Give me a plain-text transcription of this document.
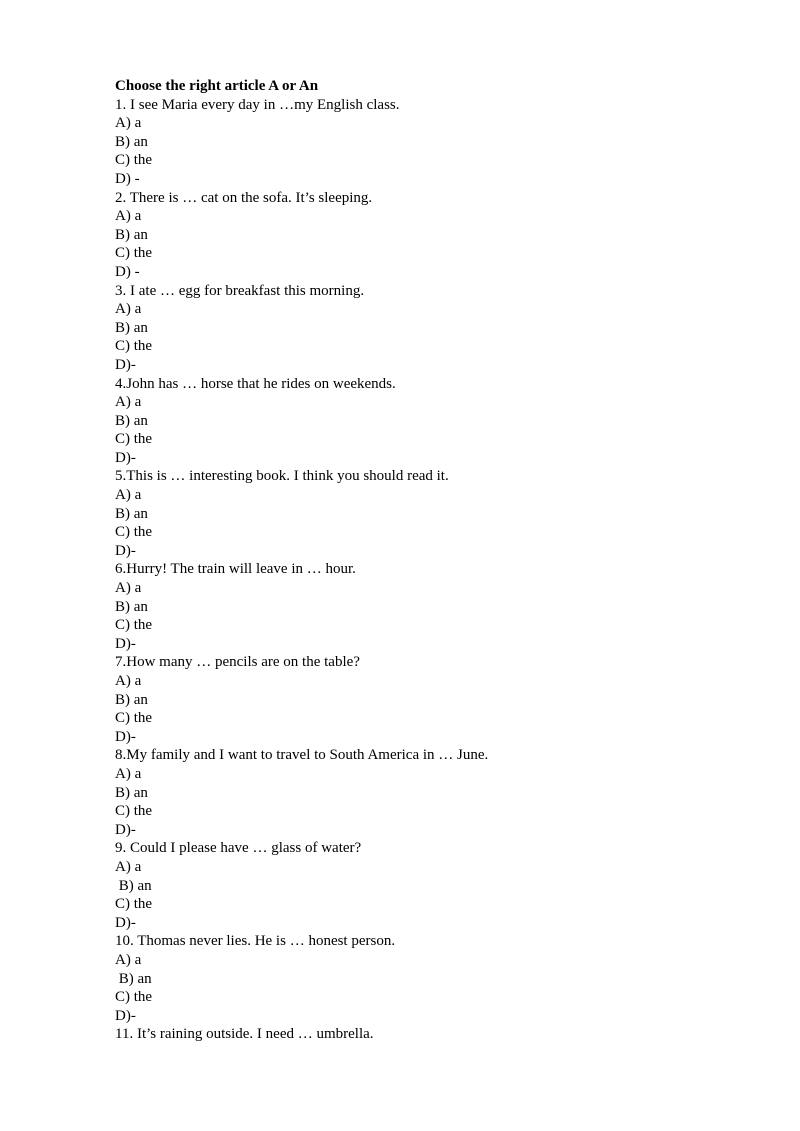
Choose the right article A or An
1. I see Maria every day in …my English class.
A) a
B) an
C) the
D) -
2. There is … cat on the sofa. It’s sleeping.
A) a
B) an
C) the
D) -
3. I ate … egg for breakfast this morning.
A) a
B) an
C) the
D)-
4.John has … horse that he rides on weekends.
A) a
B) an
C) the
D)-
5.This is … interesting book. I think you should read it.
A) a
B) an
C) the
D)-
6.Hurry! The train will leave in … hour.
A) a
B) an
C) the
D)-
7.How many … pencils are on the table?
A) a
B) an
C) the
D)-
8.My family and I want to travel to South America in … June.
A) a
B) an
C) the
D)-
9. Could I please have … glass of water?
A) a
B) an
C) the
D)-
10. Thomas never lies. He is … honest person.
A) a
B) an
C) the
D)-
11. It’s raining outside. I need … umbrella.
